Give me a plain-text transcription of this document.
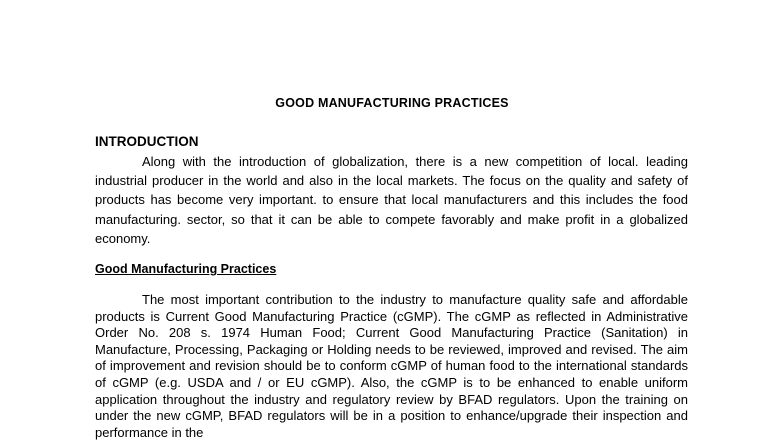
GOOD MANUFACTURING PRACTICES
INTRODUCTION

Along with the introduction of globalization, there is a new competition of local. leading industrial producer in the world and also in the local markets. The focus on the quality and safety of products has become very important. to ensure that local manufacturers and this includes the food manufacturing. sector, so that it can be able to compete favorably and make profit in a globalized economy.

Good Manufacturing Practices

The most important contribution to the industry to manufacture quality safe and affordable products is Current Good Manufacturing Practice (cGMP). The cGMP as reflected in Administrative Order No. 208 s. 1974 Human Food; Current Good Manufacturing Practice (Sanitation) in Manufacture, Processing, Packaging or Holding needs to be reviewed, improved and revised. The aim of improvement and revision should be to conform cGMP of human food to the international standards of cGMP (e.g. USDA and / or EU cGMP). Also, the cGMP is to be enhanced to enable uniform application throughout the industry and regulatory review by BFAD regulators. Upon the training on under the new cGMP, BFAD regulators will be in a position to enhance/upgrade their inspection and performance in the
